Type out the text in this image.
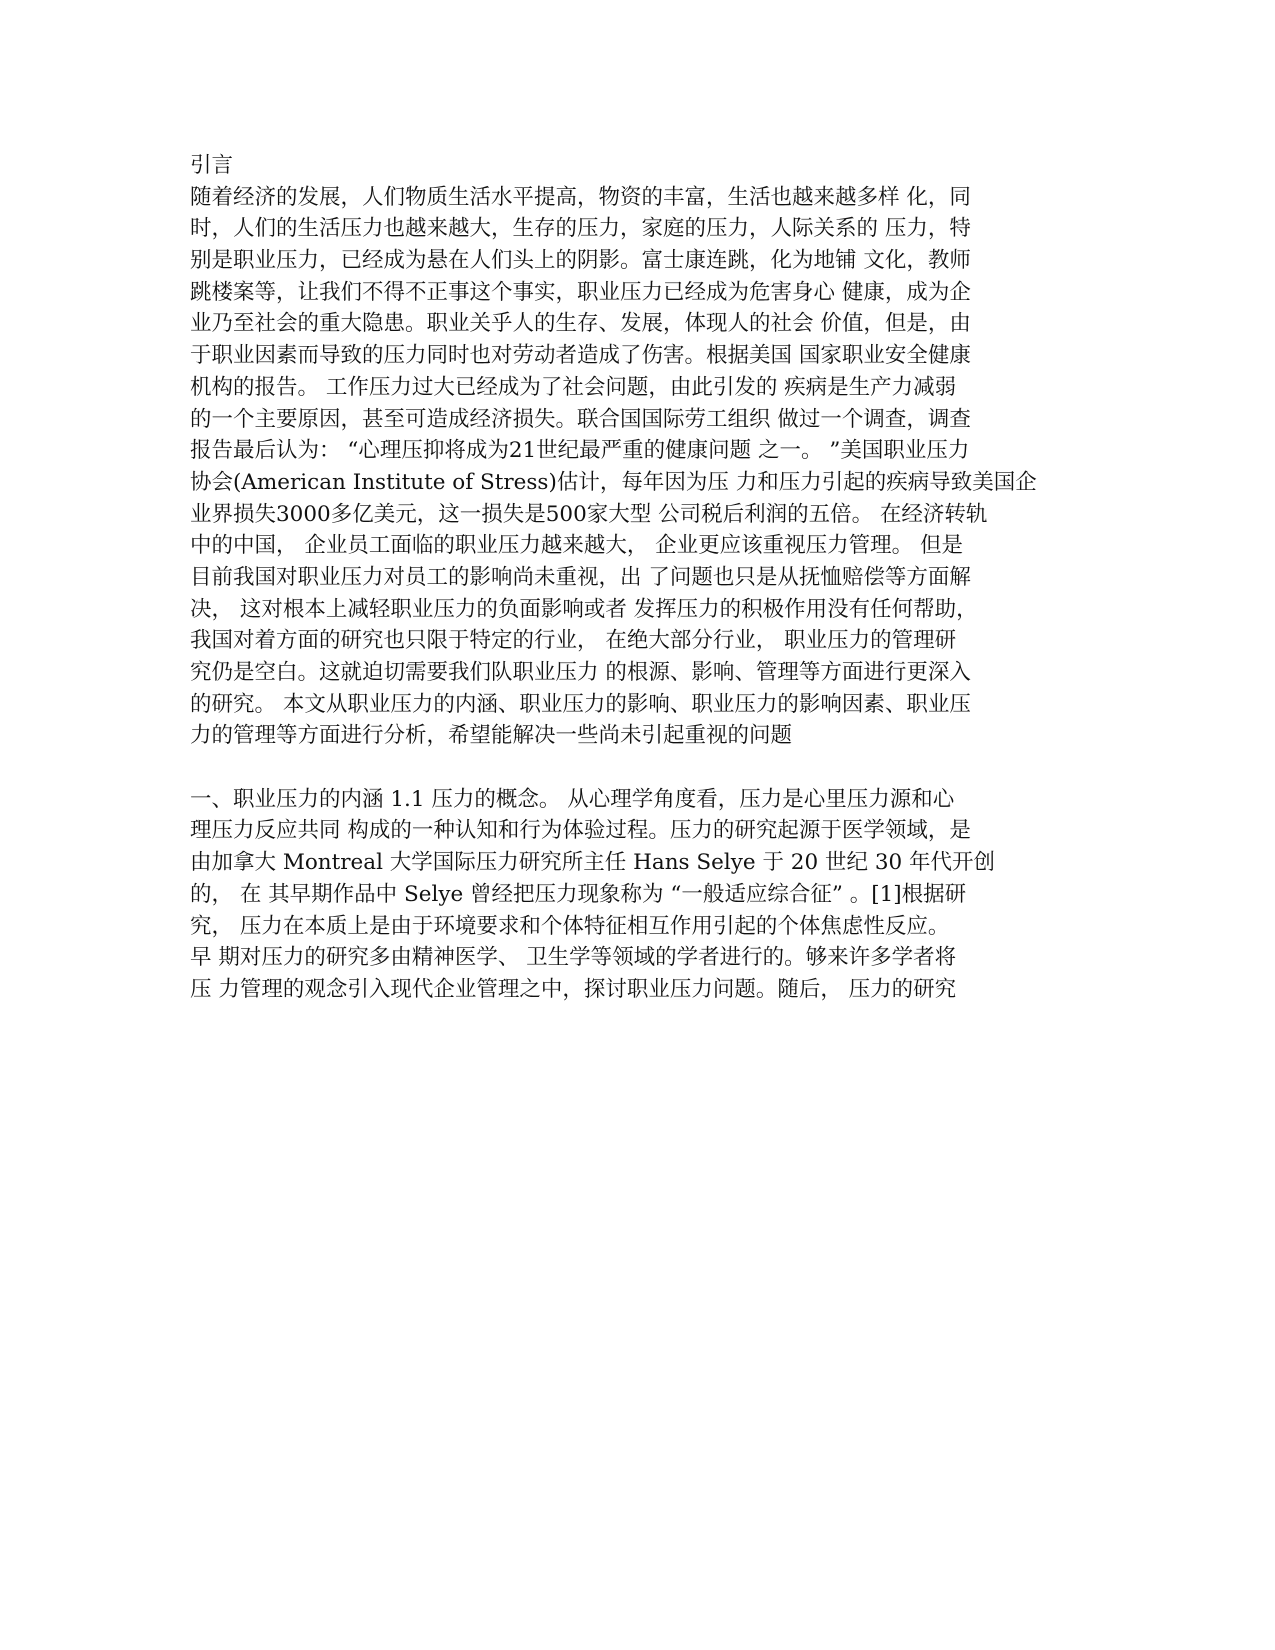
引言
随着经济的发展，人们物质生活水平提高，物资的丰富，生活也越来越多样 化，同
时，人们的生活压力也越来越大，生存的压力，家庭的压力，人际关系的 压力，特
别是职业压力，已经成为悬在人们头上的阴影。富士康连跳，化为地铺 文化，教师
跳楼案等，让我们不得不正事这个事实，职业压力已经成为危害身心 健康，成为企
业乃至社会的重大隐患。职业关乎人的生存、发展，体现人的社会 价值，但是，由
于职业因素而导致的压力同时也对劳动者造成了伤害。根据美国 国家职业安全健康
机构的报告。 工作压力过大已经成为了社会问题，由此引发的 疾病是生产力减弱
的一个主要原因，甚至可造成经济损失。联合国国际劳工组织 做过一个调查，调查
报告最后认为： “心理压抑将成为21世纪最严重的健康问题 之一。 ”美国职业压力
协会(American Institute of Stress)估计，每年因为压 力和压力引起的疾病导致美国企
业界损失3000多亿美元，这一损失是500家大型 公司税后利润的五倍。 在经济转轨
中的中国， 企业员工面临的职业压力越来越大， 企业更应该重视压力管理。 但是
目前我国对职业压力对员工的影响尚未重视，出 了问题也只是从抚恤赔偿等方面解
决， 这对根本上减轻职业压力的负面影响或者 发挥压力的积极作用没有任何帮助，
我国对着方面的研究也只限于特定的行业， 在绝大部分行业， 职业压力的管理研
究仍是空白。这就迫切需要我们队职业压力 的根源、影响、管理等方面进行更深入
的研究。 本文从职业压力的内涵、职业压力的影响、职业压力的影响因素、职业压
力的管理等方面进行分析，希望能解决一些尚未引起重视的问题
一、职业压力的内涵 1.1 压力的概念。 从心理学角度看，压力是心里压力源和心
理压力反应共同 构成的一种认知和行为体验过程。压力的研究起源于医学领域，是
由加拿大 Montreal 大学国际压力研究所主任 Hans Selye 于 20 世纪 30 年代开创
的， 在 其早期作品中 Selye 曾经把压力现象称为 “一般适应综合征” 。[1]根据研
究， 压力在本质上是由于环境要求和个体特征相互作用引起的个体焦虑性反应。
早 期对压力的研究多由精神医学、 卫生学等领域的学者进行的。够来许多学者将
压 力管理的观念引入现代企业管理之中，探讨职业压力问题。随后， 压力的研究
